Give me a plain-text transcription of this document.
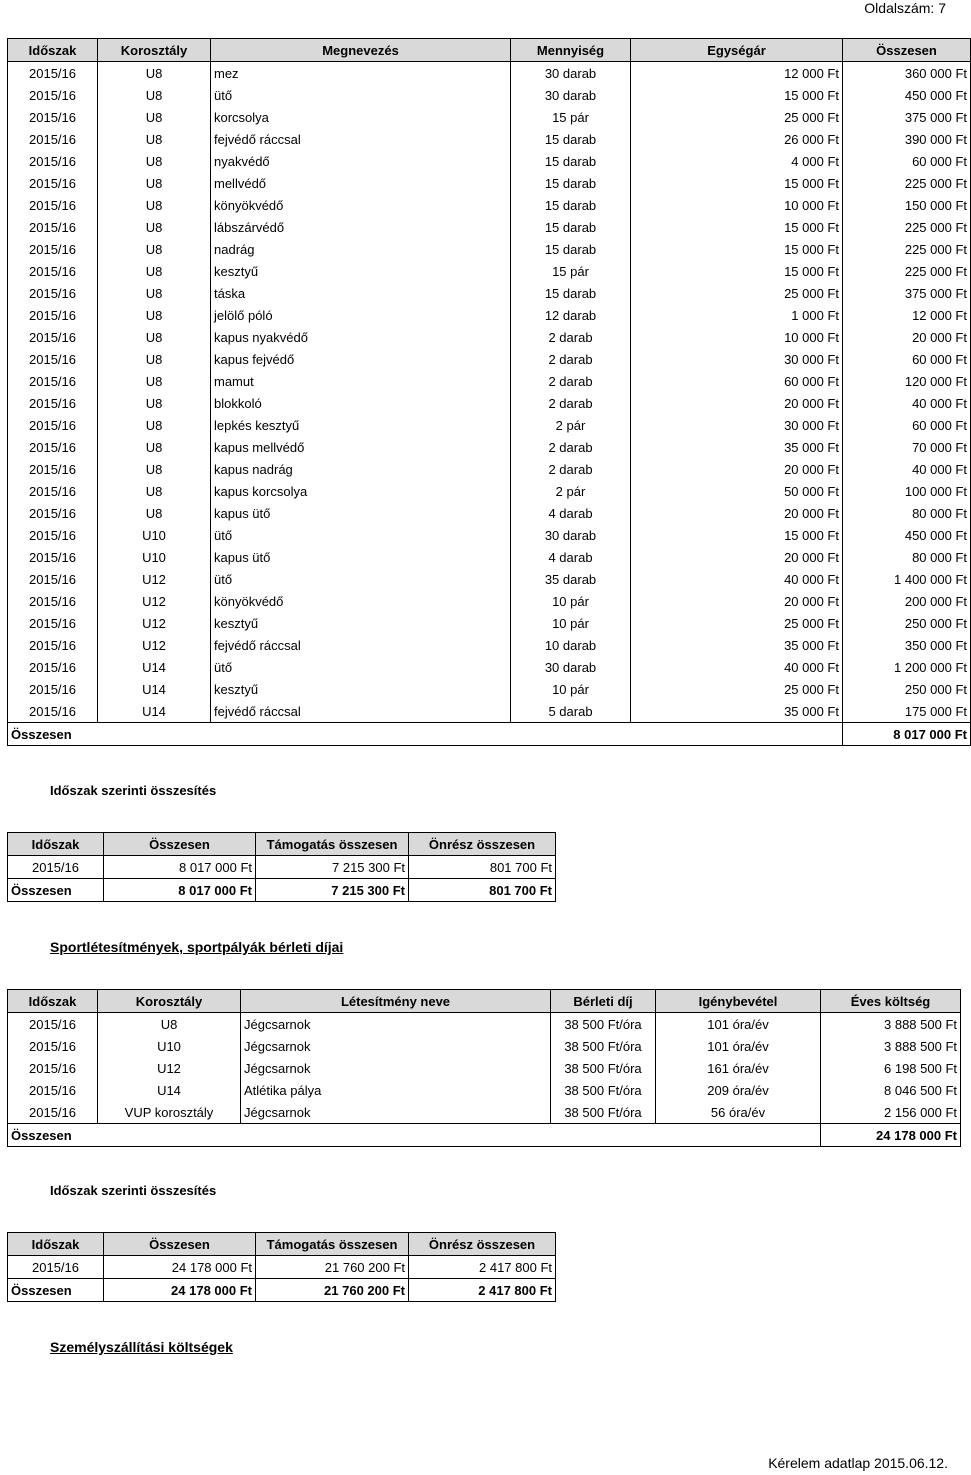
Oldalszám: 7
Időszak	Korosztály	Megnevezés	Mennyiség	Egységár	Összesen
2015/16	U8	mez	30 darab	12 000 Ft	360 000 Ft
2015/16	U8	ütő	30 darab	15 000 Ft	450 000 Ft
2015/16	U8	korcsolya	15 pár	25 000 Ft	375 000 Ft
2015/16	U8	fejvédő ráccsal	15 darab	26 000 Ft	390 000 Ft
2015/16	U8	nyakvédő	15 darab	4 000 Ft	60 000 Ft
2015/16	U8	mellvédő	15 darab	15 000 Ft	225 000 Ft
2015/16	U8	könyökvédő	15 darab	10 000 Ft	150 000 Ft
2015/16	U8	lábszárvédő	15 darab	15 000 Ft	225 000 Ft
2015/16	U8	nadrág	15 darab	15 000 Ft	225 000 Ft
2015/16	U8	kesztyű	15 pár	15 000 Ft	225 000 Ft
2015/16	U8	táska	15 darab	25 000 Ft	375 000 Ft
2015/16	U8	jelölő póló	12 darab	1 000 Ft	12 000 Ft
2015/16	U8	kapus nyakvédő	2 darab	10 000 Ft	20 000 Ft
2015/16	U8	kapus fejvédő	2 darab	30 000 Ft	60 000 Ft
2015/16	U8	mamut	2 darab	60 000 Ft	120 000 Ft
2015/16	U8	blokkoló	2 darab	20 000 Ft	40 000 Ft
2015/16	U8	lepkés kesztyű	2 pár	30 000 Ft	60 000 Ft
2015/16	U8	kapus mellvédő	2 darab	35 000 Ft	70 000 Ft
2015/16	U8	kapus nadrág	2 darab	20 000 Ft	40 000 Ft
2015/16	U8	kapus korcsolya	2 pár	50 000 Ft	100 000 Ft
2015/16	U8	kapus ütő	4 darab	20 000 Ft	80 000 Ft
2015/16	U10	ütő	30 darab	15 000 Ft	450 000 Ft
2015/16	U10	kapus ütő	4 darab	20 000 Ft	80 000 Ft
2015/16	U12	ütő	35 darab	40 000 Ft	1 400 000 Ft
2015/16	U12	könyökvédő	10 pár	20 000 Ft	200 000 Ft
2015/16	U12	kesztyű	10 pár	25 000 Ft	250 000 Ft
2015/16	U12	fejvédő ráccsal	10 darab	35 000 Ft	350 000 Ft
2015/16	U14	ütő	30 darab	40 000 Ft	1 200 000 Ft
2015/16	U14	kesztyű	10 pár	25 000 Ft	250 000 Ft
2015/16	U14	fejvédő ráccsal	5 darab	35 000 Ft	175 000 Ft
Összesen					8 017 000 Ft
Időszak szerinti összesítés
Időszak	Összesen	Támogatás összesen	Önrész összesen
2015/16	8 017 000 Ft	7 215 300 Ft	801 700 Ft
Összesen	8 017 000 Ft	7 215 300 Ft	801 700 Ft
Sportlétesítmények, sportpályák bérleti díjai
Időszak	Korosztály	Létesítmény neve	Bérleti díj	Igénybevétel	Éves költség
2015/16	U8	Jégcsarnok	38 500 Ft/óra	101 óra/év	3 888 500 Ft
2015/16	U10	Jégcsarnok	38 500 Ft/óra	101 óra/év	3 888 500 Ft
2015/16	U12	Jégcsarnok	38 500 Ft/óra	161 óra/év	6 198 500 Ft
2015/16	U14	Atlétika pálya	38 500 Ft/óra	209 óra/év	8 046 500 Ft
2015/16	VUP korosztály	Jégcsarnok	38 500 Ft/óra	56 óra/év	2 156 000 Ft
Összesen					24 178 000 Ft
Időszak szerinti összesítés
Időszak	Összesen	Támogatás összesen	Önrész összesen
2015/16	24 178 000 Ft	21 760 200 Ft	2 417 800 Ft
Összesen	24 178 000 Ft	21 760 200 Ft	2 417 800 Ft
Személyszállítási költségek
Kérelem adatlap 2015.06.12.
